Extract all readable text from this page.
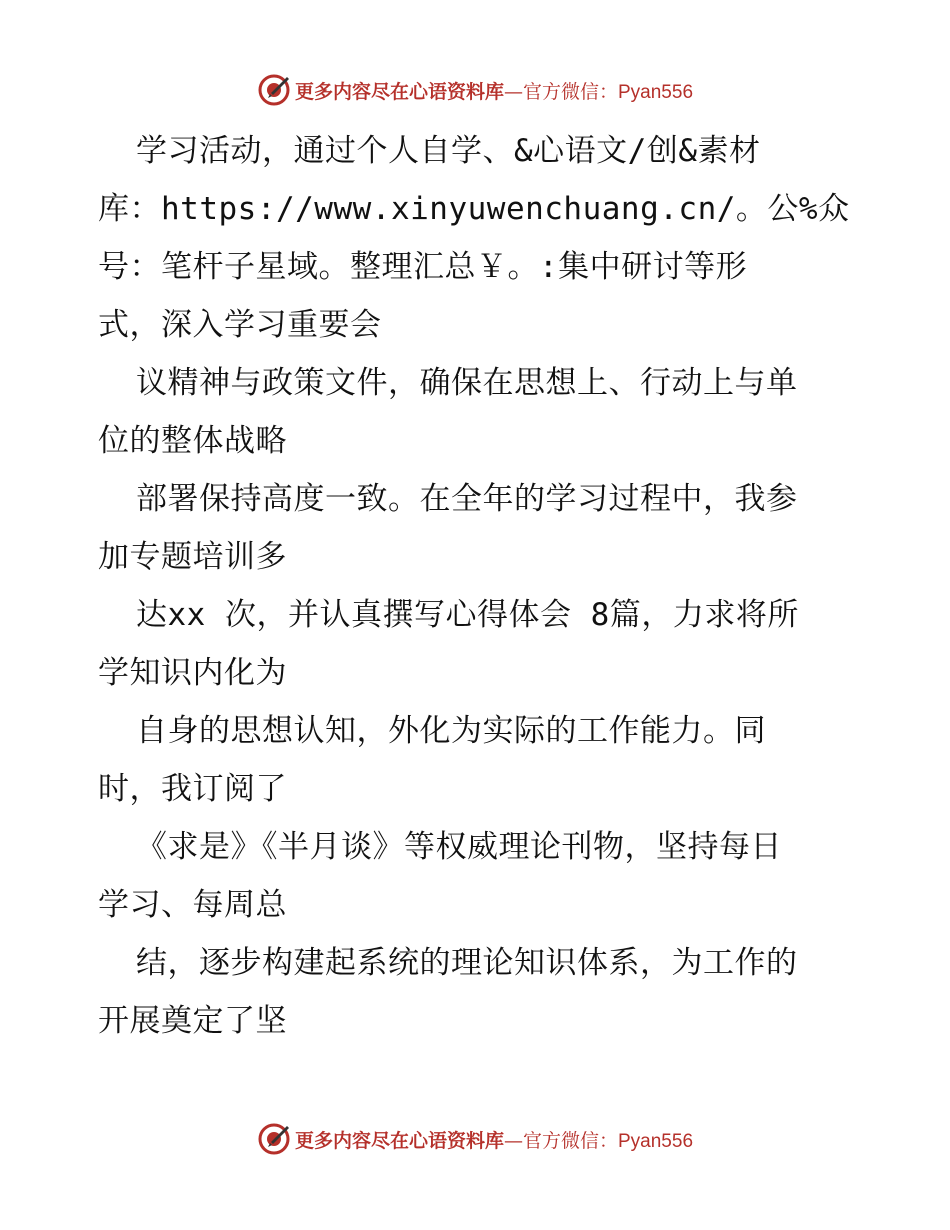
更多内容尽在心语资料库—官方微信：Pyan556
学习活动，通过个人自学、&心语文/创&素材
库：https://www.xinyuwenchuang.cn/。公%众
号：笔杆子星域。整理汇总￥。:集中研讨等形
式，深入学习重要会
议精神与政策文件，确保在思想上、行动上与单
位的整体战略
部署保持高度一致。在全年的学习过程中，我参
加专题培训多
达xx 次，并认真撰写心得体会 8篇，力求将所
学知识内化为
自身的思想认知，外化为实际的工作能力。同
时，我订阅了
《求是》《半月谈》等权威理论刊物，坚持每日
学习、每周总
结，逐步构建起系统的理论知识体系，为工作的
开展奠定了坚
更多内容尽在心语资料库—官方微信：Pyan556
